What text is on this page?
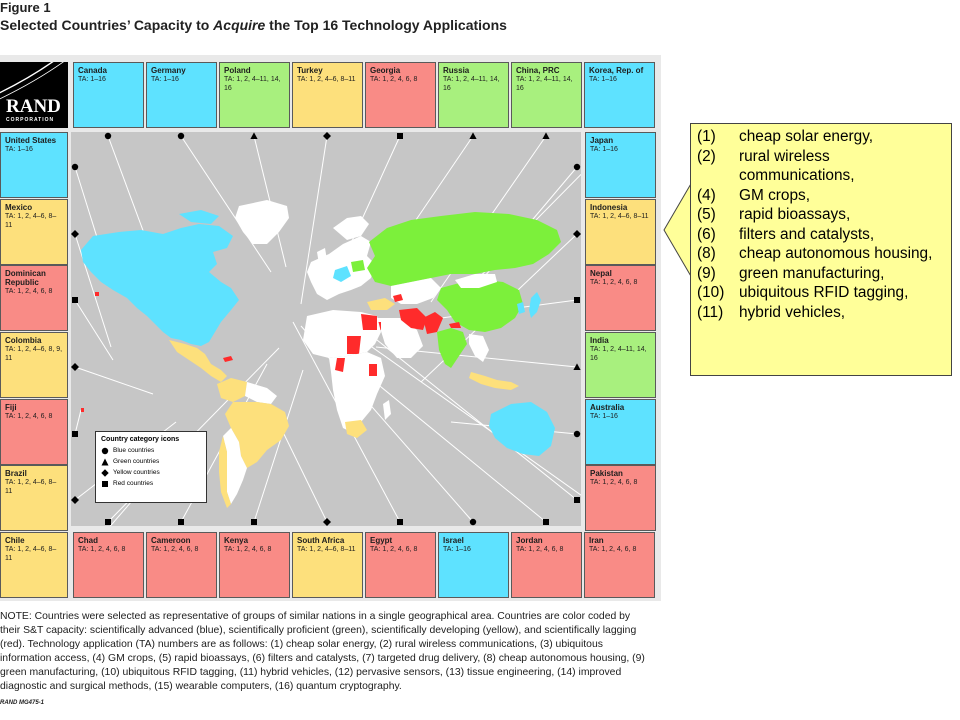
Figure 1
Selected Countries’ Capacity to Acquire the Top 16 Technology Applications
RAND
CORPORATION
Canada
TA: 1–16
Germany
TA: 1–16
Poland
TA: 1, 2, 4–11, 14, 16
Turkey
TA: 1, 2, 4–6, 8–11
Georgia
TA: 1, 2, 4, 6, 8
Russia
TA: 1, 2, 4–11, 14, 16
China, PRC
TA: 1, 2, 4–11, 14, 16
Korea, Rep. of
TA: 1–16
United States
TA: 1–16
Mexico
TA: 1, 2, 4–6, 8–11
Dominican Republic
TA: 1, 2, 4, 6, 8
Colombia
TA: 1, 2, 4–6, 8, 9, 11
Fiji
TA: 1, 2, 4, 6, 8
Brazil
TA: 1, 2, 4–6, 8–11
Chile
TA: 1, 2, 4–6, 8–11
Japan
TA: 1–16
Indonesia
TA: 1, 2, 4–6, 8–11
Nepal
TA: 1, 2, 4, 6, 8
India
TA: 1, 2, 4–11, 14, 16
Australia
TA: 1–16
Pakistan
TA: 1, 2, 4, 6, 8
Chad
TA: 1, 2, 4, 6, 8
Cameroon
TA: 1, 2, 4, 6, 8
Kenya
TA: 1, 2, 4, 6, 8
South Africa
TA: 1, 2, 4–6, 8–11
Egypt
TA: 1, 2, 4, 6, 8
Israel
TA: 1–16
Jordan
TA: 1, 2, 4, 6, 8
Iran
TA: 1, 2, 4, 6, 8
Country category icons
Blue countries
Green countries
Yellow countries
Red countries
NOTE: Countries were selected as representative of groups of similar nations in a single geographical area. Countries are color coded by their S&T capacity: scientifically advanced (blue), scientifically proficient (green), scientifically developing (yellow), and scientifically lagging (red). Technology application (TA) numbers are as follows: (1) cheap solar energy, (2) rural wireless communications, (3) ubiquitous information access, (4) GM crops, (5) rapid bioassays, (6) filters and catalysts, (7) targeted drug delivery, (8) cheap autonomous housing, (9) green manufacturing, (10) ubiquitous RFID tagging, (11) hybrid vehicles, (12) pervasive sensors, (13) tissue engineering, (14) improved diagnostic and surgical methods, (15) wearable computers, (16) quantum cryptography.
RAND MG475-1
(1)	cheap solar energy,
(2)	rural wireless communications,
(4)	GM crops,
(5)	rapid bioassays,
(6)	filters and catalysts,
(8)	cheap autonomous housing,
(9)	green manufacturing,
(10) ubiquitous RFID tagging,
(11)	hybrid vehicles,
